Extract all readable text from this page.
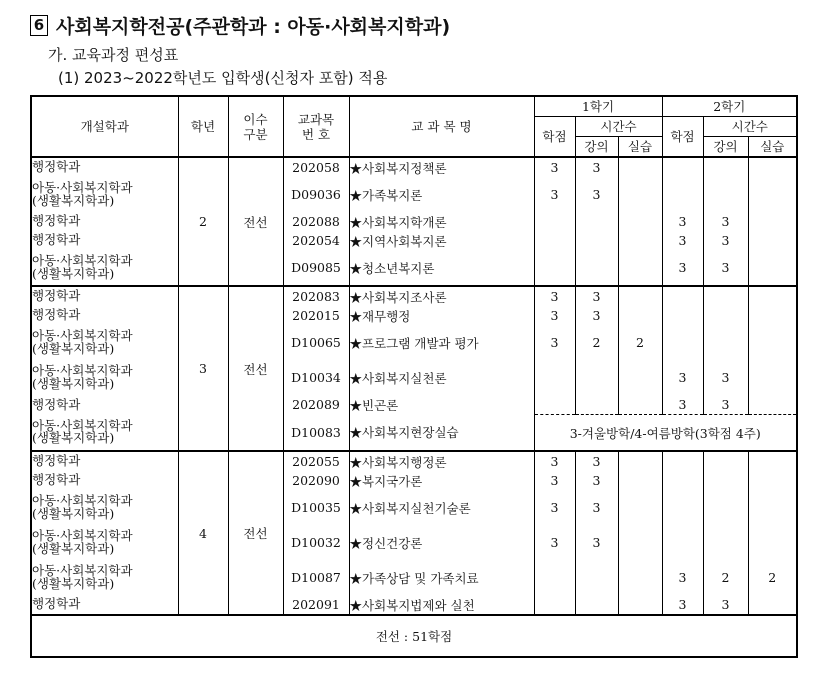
6 사회복지학전공(주관학과 : 아동·사회복지학과)
가. 교육과정 편성표
(1) 2023~2022학년도 입학생(신청자 포함) 적용
개설학과	학년	이수 구분	교과목 번 호	교 과 목 명	1학기			2학기		
					학점	시간수		학점	시간수	
						강의	실습		강의	실습
행정학과	2	전선	202058	★사회복지정책론	3	3				
아동·사회복지학과
(생활복지학과)			D09036	★가족복지론	3	3				
행정학과			202088	★사회복지학개론				3	3	
행정학과			202054	★지역사회복지론				3	3	
아동·사회복지학과
(생활복지학과)			D09085	★청소년복지론				3	3	
행정학과	3	전선	202083	★사회복지조사론	3	3				
행정학과			202015	★재무행정	3	3				
아동·사회복지학과
(생활복지학과)			D10065	★프로그램 개발과 평가	3	2	2			
아동·사회복지학과
(생활복지학과)			D10034	★사회복지실천론				3	3	
행정학과			202089	★빈곤론				3	3	
아동·사회복지학과
(생활복지학과)			D10083	★사회복지현장실습	3-겨울방학/4-여름방학(3학점 4주)					
행정학과	4	전선	202055	★사회복지행정론	3	3				
행정학과			202090	★복지국가론	3	3				
아동·사회복지학과
(생활복지학과)			D10035	★사회복지실천기술론	3	3				
아동·사회복지학과
(생활복지학과)			D10032	★정신건강론	3	3				
아동·사회복지학과
(생활복지학과)			D10087	★가족상담 및 가족치료				3	2	2
행정학과			202091	★사회복지법제와 실천				3	3	
전선 : 51학점										
